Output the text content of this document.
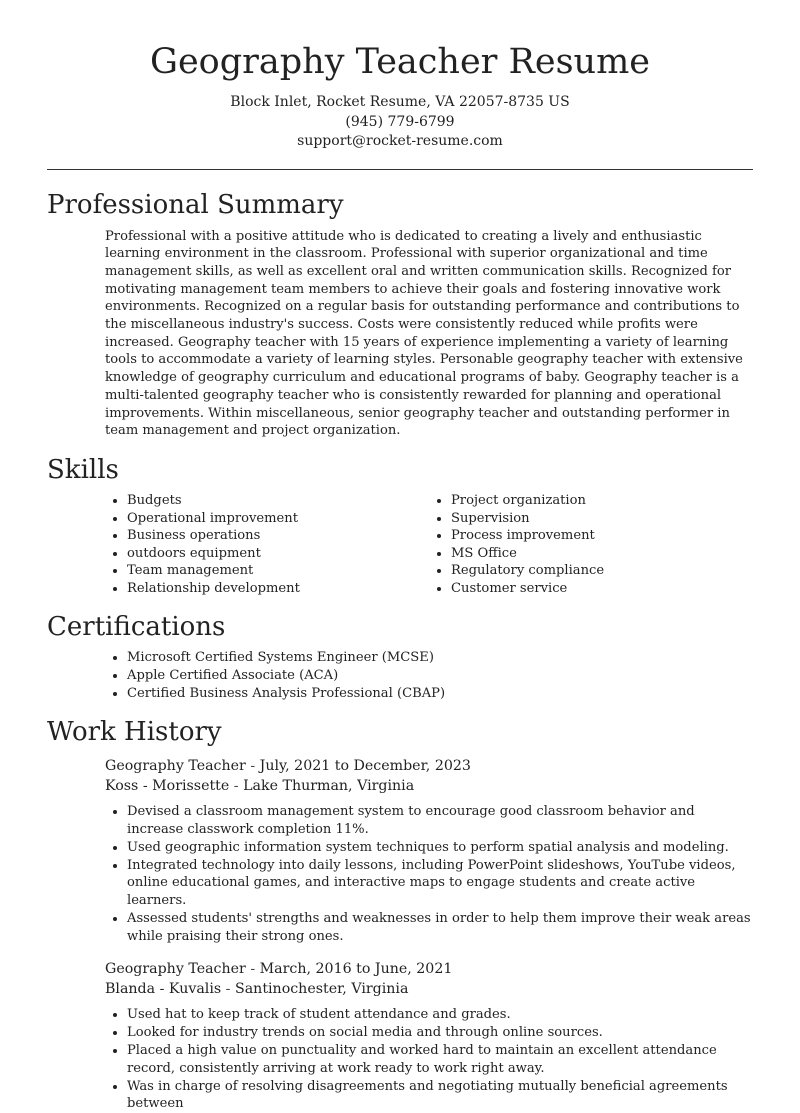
Geography Teacher Resume
Block Inlet, Rocket Resume, VA 22057-8735 US
(945) 779-6799
support@rocket-resume.com
Professional Summary

Professional with a positive attitude who is dedicated to creating a lively and enthusiastic learning environment in the classroom. Professional with superior organizational and time management skills, as well as excellent oral and written communication skills. Recognized for motivating management team members to achieve their goals and fostering innovative work environments. Recognized on a regular basis for outstanding performance and contributions to the miscellaneous industry's success. Costs were consistently reduced while profits were increased. Geography teacher with 15 years of experience implementing a variety of learning tools to accommodate a variety of learning styles. Personable geography teacher with extensive knowledge of geography curriculum and educational programs of baby. Geography teacher is a multi-talented geography teacher who is consistently rewarded for planning and operational improvements. Within miscellaneous, senior geography teacher and outstanding performer in team management and project organization.

Skills
• Budgets
• Operational improvement
• Business operations
• outdoors equipment
• Team management
• Relationship development
• Project organization
• Supervision
• Process improvement
• MS Office
• Regulatory compliance
• Customer service
Certifications
• Microsoft Certified Systems Engineer (MCSE)
• Apple Certified Associate (ACA)
• Certified Business Analysis Professional (CBAP)
Work History
Geography Teacher - July, 2021 to December, 2023
Koss - Morissette - Lake Thurman, Virginia
• Devised a classroom management system to encourage good classroom behavior and increase classwork completion 11%.
• Used geographic information system techniques to perform spatial analysis and modeling.
• Integrated technology into daily lessons, including PowerPoint slideshows, YouTube videos, online educational games, and interactive maps to engage students and create active learners.
• Assessed students' strengths and weaknesses in order to help them improve their weak areas while praising their strong ones.
Geography Teacher - March, 2016 to June, 2021
Blanda - Kuvalis - Santinochester, Virginia
• Used hat to keep track of student attendance and grades.
• Looked for industry trends on social media and through online sources.
• Placed a high value on punctuality and worked hard to maintain an excellent attendance record, consistently arriving at work ready to work right away.
• Was in charge of resolving disagreements and negotiating mutually beneficial agreements between
